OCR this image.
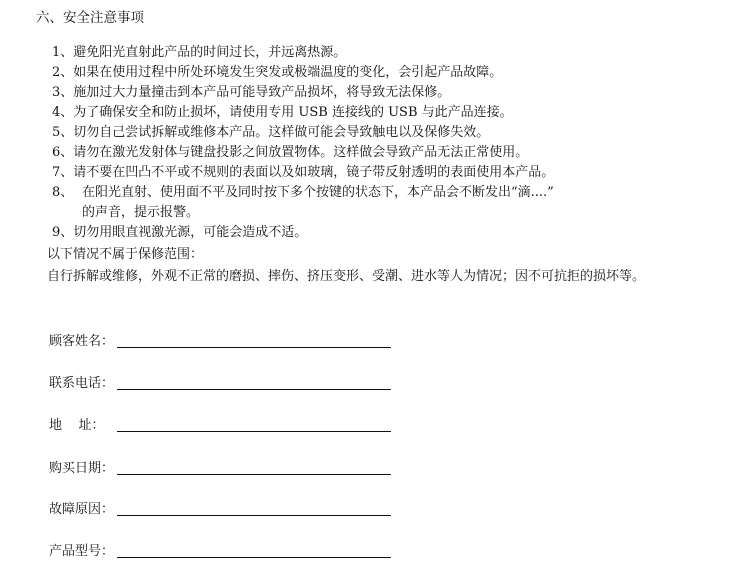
六、安全注意事项
1、避免阳光直射此产品的时间过长，并远离热源。
2、如果在使用过程中所处环境发生突发或极端温度的变化，会引起产品故障。
3、施加过大力量撞击到本产品可能导致产品损坏，将导致无法保修。
4、为了确保安全和防止损坏，请使用专用 USB 连接线的 USB 与此产品连接。
5、切勿自己尝试拆解或维修本产品。这样做可能会导致触电以及保修失效。
6、请勿在激光发射体与键盘投影之间放置物体。这样做会导致产品无法正常使用。
7、请不要在凹凸不平或不规则的表面以及如玻璃，镜子带反射透明的表面使用本产品。
8、 在阳光直射、使用面不平及同时按下多个按键的状态下，本产品会不断发出“滴....”
的声音，提示报警。
9、切勿用眼直视激光源，可能会造成不适。
以下情况不属于保修范围：
自行拆解或维修，外观不正常的磨损、摔伤、挤压变形、受潮、进水等人为情况；因不可抗拒的损坏等。
顾客姓名：
联系电话：
地    址：
购买日期：
故障原因：
产品型号：
